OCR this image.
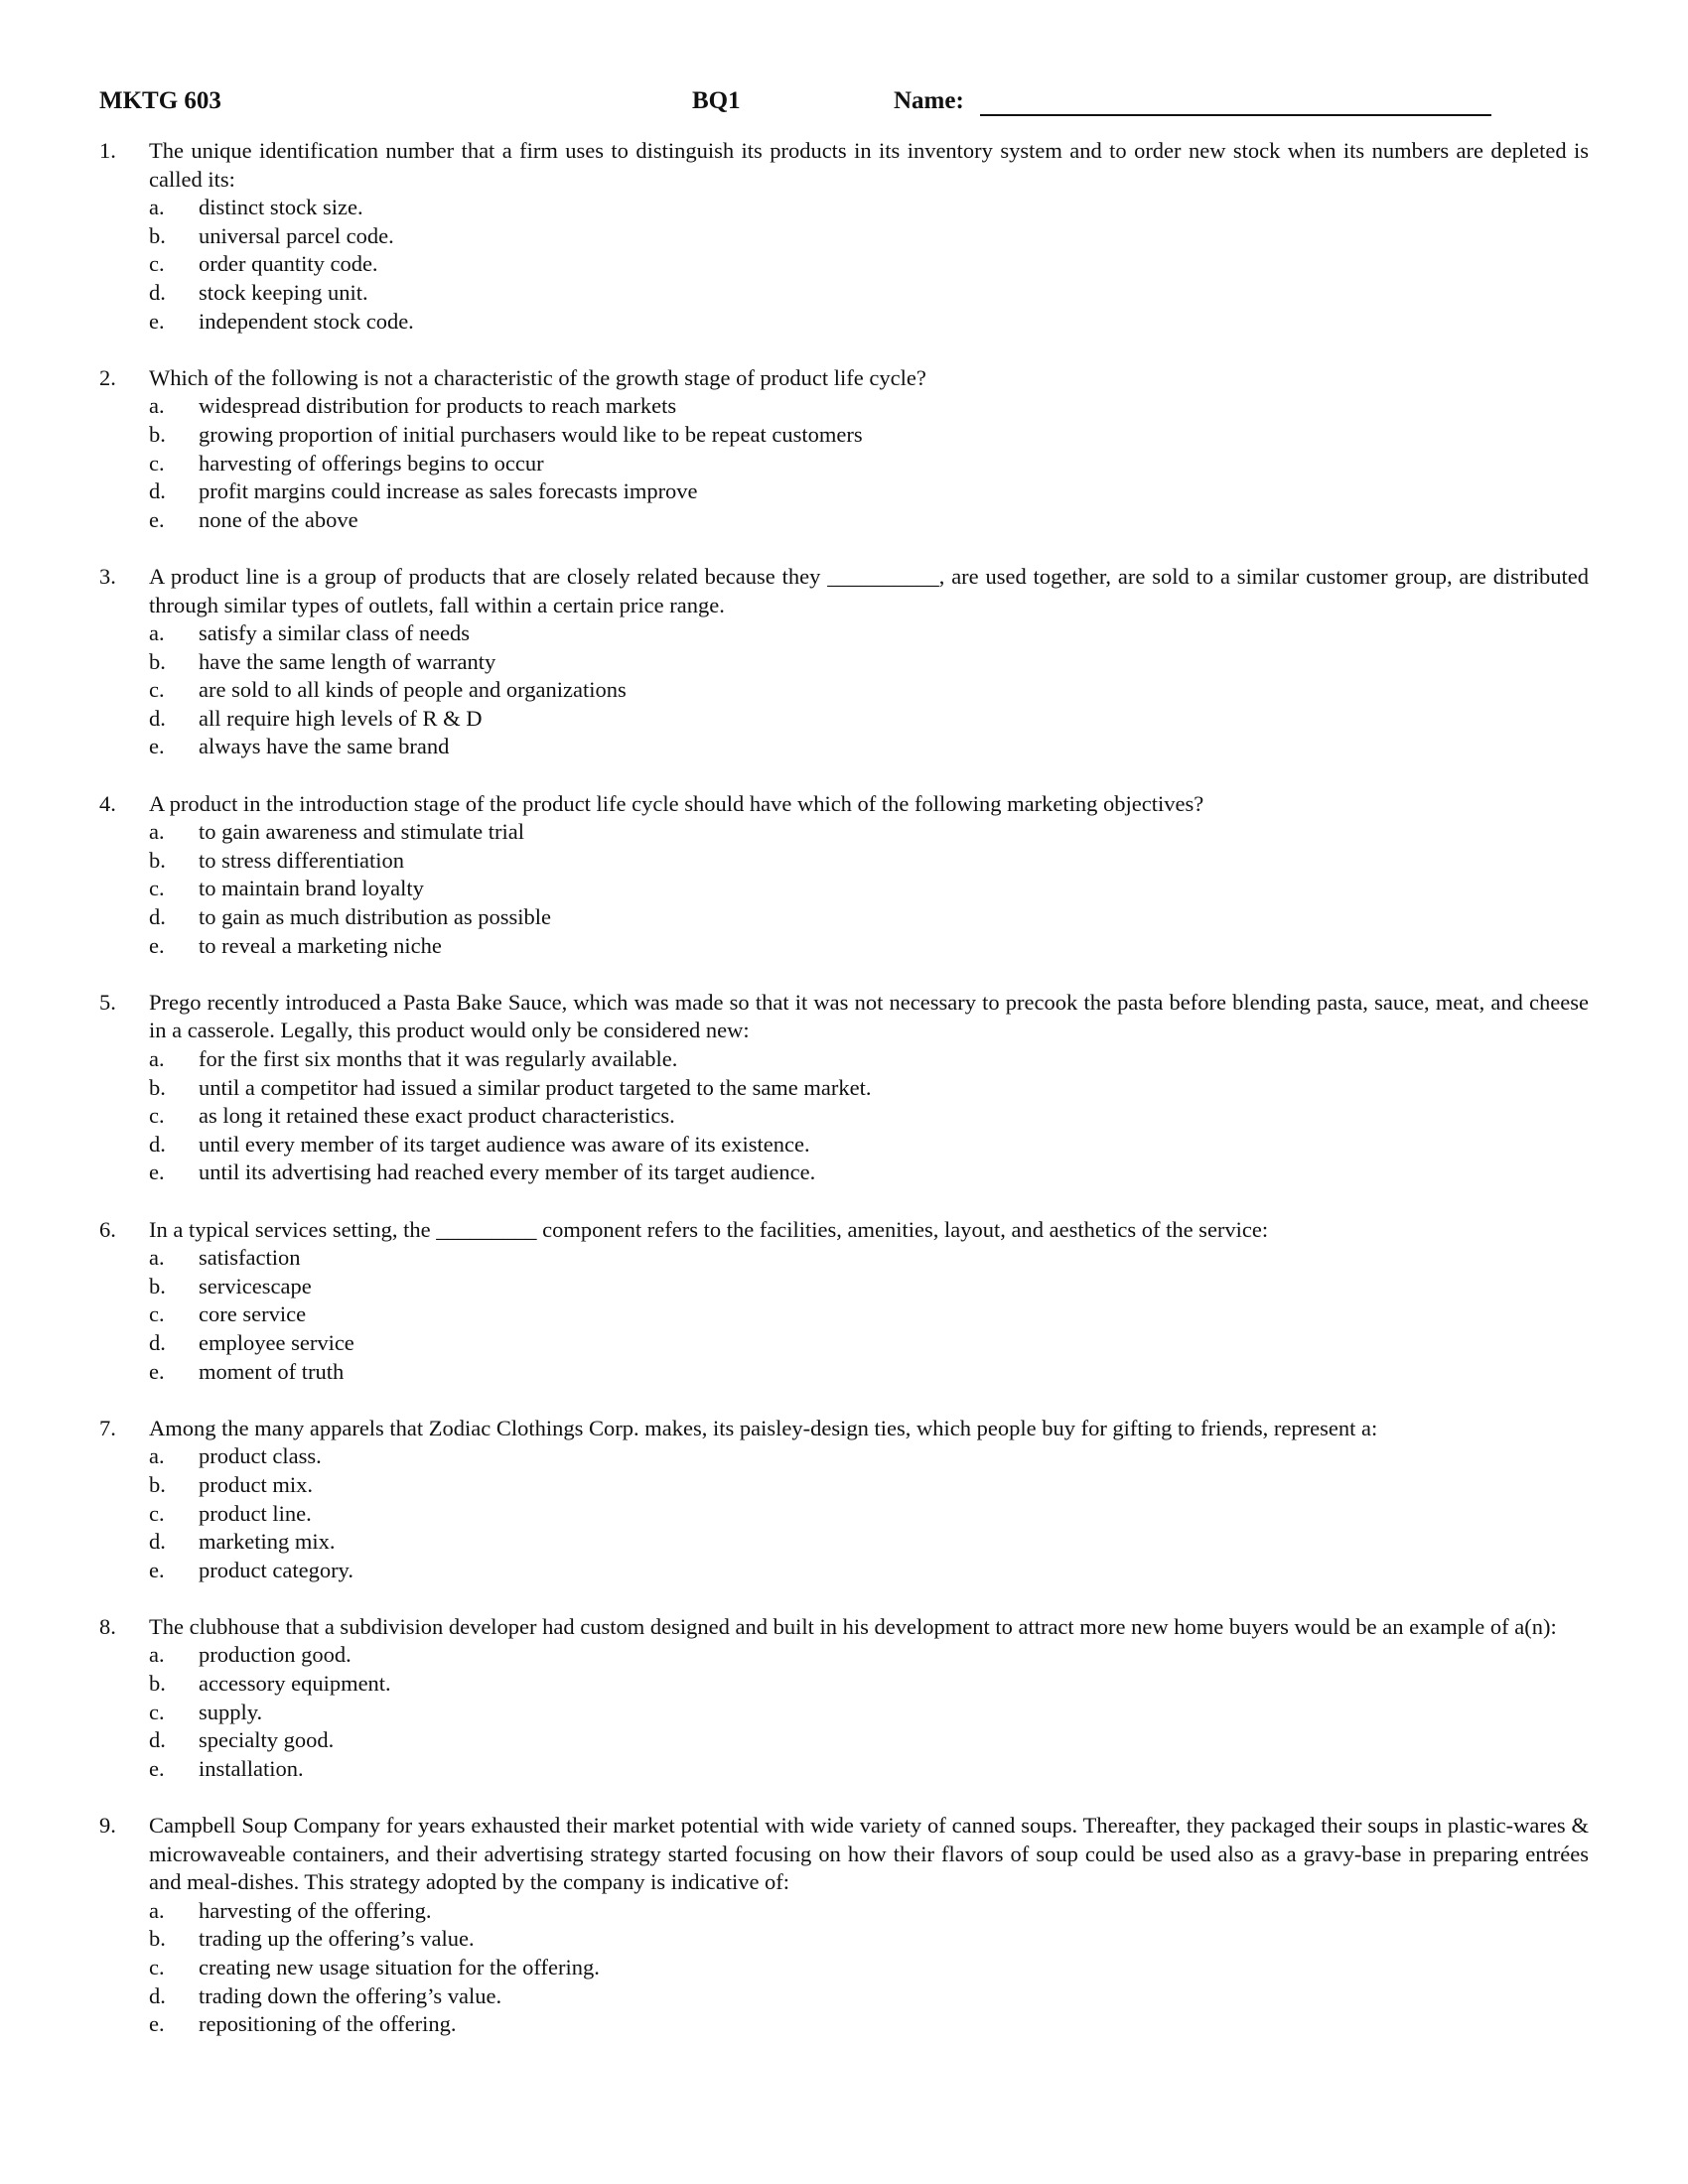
MKTG 603	BQ1	Name:
1. The unique identification number that a firm uses to distinguish its products in its inventory system and to order new stock when its numbers are depleted is called its:
a. distinct stock size.
b. universal parcel code.
c. order quantity code.
d. stock keeping unit.
e. independent stock code.
2. Which of the following is not a characteristic of the growth stage of product life cycle?
a. widespread distribution for products to reach markets
b. growing proportion of initial purchasers would like to be repeat customers
c. harvesting of offerings begins to occur
d. profit margins could increase as sales forecasts improve
e. none of the above
3. A product line is a group of products that are closely related because they __________, are used together, are sold to a similar customer group, are distributed through similar types of outlets, fall within a certain price range.
a. satisfy a similar class of needs
b. have the same length of warranty
c. are sold to all kinds of people and organizations
d. all require high levels of R & D
e. always have the same brand
4. A product in the introduction stage of the product life cycle should have which of the following marketing objectives?
a. to gain awareness and stimulate trial
b. to stress differentiation
c. to maintain brand loyalty
d. to gain as much distribution as possible
e. to reveal a marketing niche
5. Prego recently introduced a Pasta Bake Sauce, which was made so that it was not necessary to precook the pasta before blending pasta, sauce, meat, and cheese in a casserole. Legally, this product would only be considered new:
a. for the first six months that it was regularly available.
b. until a competitor had issued a similar product targeted to the same market.
c. as long it retained these exact product characteristics.
d. until every member of its target audience was aware of its existence.
e. until its advertising had reached every member of its target audience.
6. In a typical services setting, the _________ component refers to the facilities, amenities, layout, and aesthetics of the service:
a. satisfaction
b. servicescape
c. core service
d. employee service
e. moment of truth
7. Among the many apparels that Zodiac Clothings Corp. makes, its paisley-design ties, which people buy for gifting to friends, represent a:
a. product class.
b. product mix.
c. product line.
d. marketing mix.
e. product category.
8. The clubhouse that a subdivision developer had custom designed and built in his development to attract more new home buyers would be an example of a(n):
a. production good.
b. accessory equipment.
c. supply.
d. specialty good.
e. installation.
9. Campbell Soup Company for years exhausted their market potential with wide variety of canned soups. Thereafter, they packaged their soups in plastic-wares & microwaveable containers, and their advertising strategy started focusing on how their flavors of soup could be used also as a gravy-base in preparing entrées and meal-dishes. This strategy adopted by the company is indicative of:
a. harvesting of the offering.
b. trading up the offering’s value.
c. creating new usage situation for the offering.
d. trading down the offering’s value.
e. repositioning of the offering.
